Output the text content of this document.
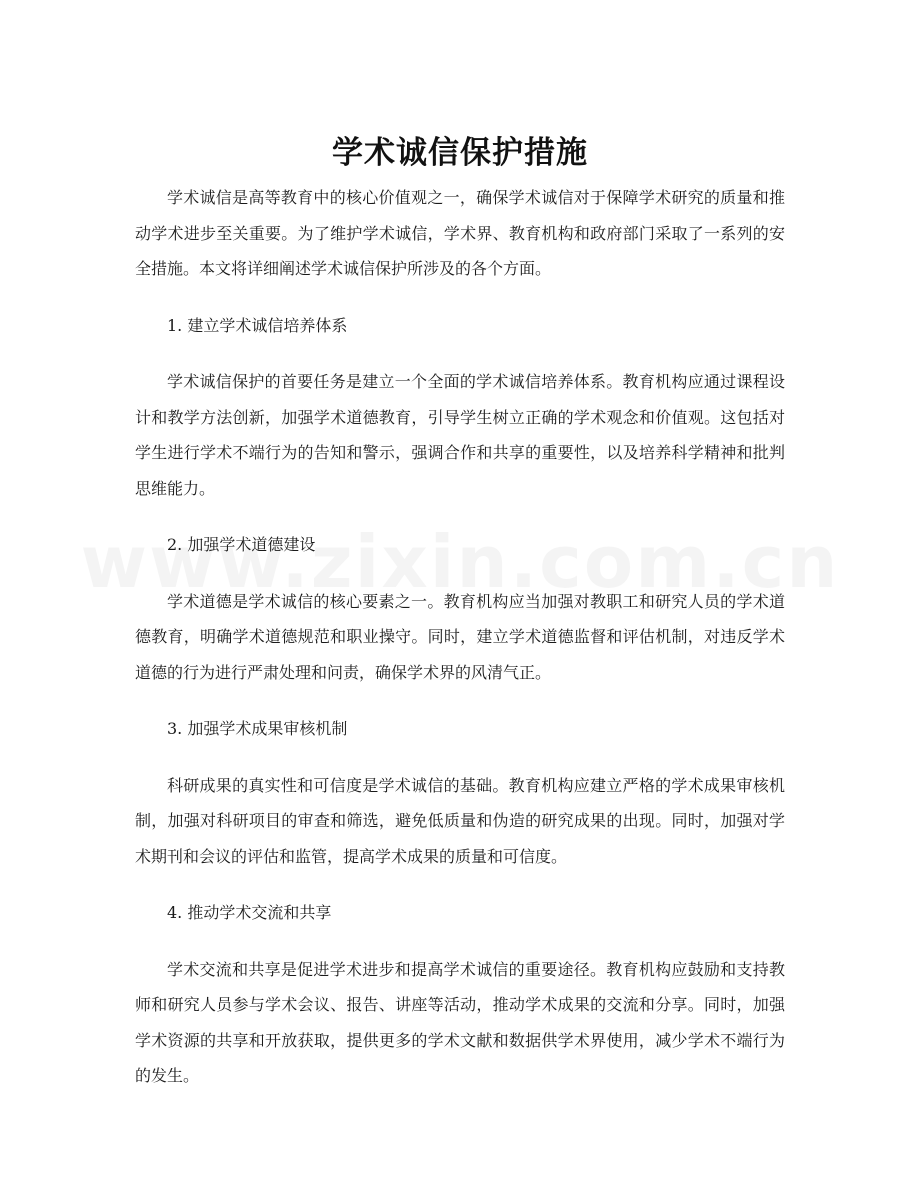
学术诚信保护措施

学术诚信是高等教育中的核心价值观之一，确保学术诚信对于保障学术研究的质量和推动学术进步至关重要。为了维护学术诚信，学术界、教育机构和政府部门采取了一系列的安全措施。本文将详细阐述学术诚信保护所涉及的各个方面。

1. 建立学术诚信培养体系

学术诚信保护的首要任务是建立一个全面的学术诚信培养体系。教育机构应通过课程设计和教学方法创新，加强学术道德教育，引导学生树立正确的学术观念和价值观。这包括对学生进行学术不端行为的告知和警示，强调合作和共享的重要性，以及培养科学精神和批判思维能力。

2. 加强学术道德建设

学术道德是学术诚信的核心要素之一。教育机构应当加强对教职工和研究人员的学术道德教育，明确学术道德规范和职业操守。同时，建立学术道德监督和评估机制，对违反学术道德的行为进行严肃处理和问责，确保学术界的风清气正。

3. 加强学术成果审核机制

科研成果的真实性和可信度是学术诚信的基础。教育机构应建立严格的学术成果审核机制，加强对科研项目的审查和筛选，避免低质量和伪造的研究成果的出现。同时，加强对学术期刊和会议的评估和监管，提高学术成果的质量和可信度。

4. 推动学术交流和共享

学术交流和共享是促进学术进步和提高学术诚信的重要途径。教育机构应鼓励和支持教师和研究人员参与学术会议、报告、讲座等活动，推动学术成果的交流和分享。同时，加强学术资源的共享和开放获取，提供更多的学术文献和数据供学术界使用，减少学术不端行为的发生。
